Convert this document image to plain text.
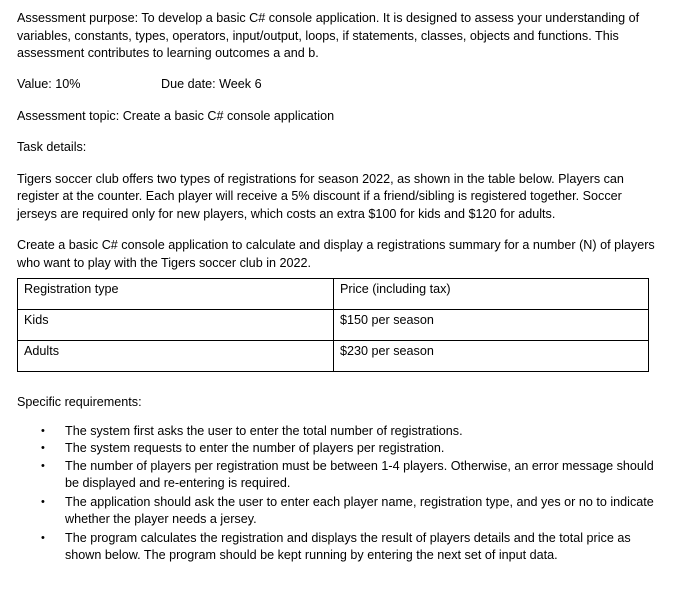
Assessment purpose: To develop a basic C# console application. It is designed to assess your understanding of variables, constants, types, operators, input/output, loops, if statements, classes, objects and functions. This assessment contributes to learning outcomes a and b.

Value: 10%	Due date: Week 6

Assessment topic: Create a basic C# console application

Task details:

Tigers soccer club offers two types of registrations for season 2022, as shown in the table below. Players can register at the counter. Each player will receive a 5% discount if a friend/sibling is registered together. Soccer jerseys are required only for new players, which costs an extra $100 for kids and $120 for adults.

Create a basic C# console application to calculate and display a registrations summary for a number (N) of players who want to play with the Tigers soccer club in 2022.

Registration type	Price (including tax)
Kids	$150 per season
Adults	$230 per season

Specific requirements:

• The system first asks the user to enter the total number of registrations.
• The system requests to enter the number of players per registration.
• The number of players per registration must be between 1-4 players. Otherwise, an error message should be displayed and re-entering is required.
• The application should ask the user to enter each player name, registration type, and yes or no to indicate whether the player needs a jersey.
• The program calculates the registration and displays the result of players details and the total price as shown below. The program should be kept running by entering the next set of input data.
